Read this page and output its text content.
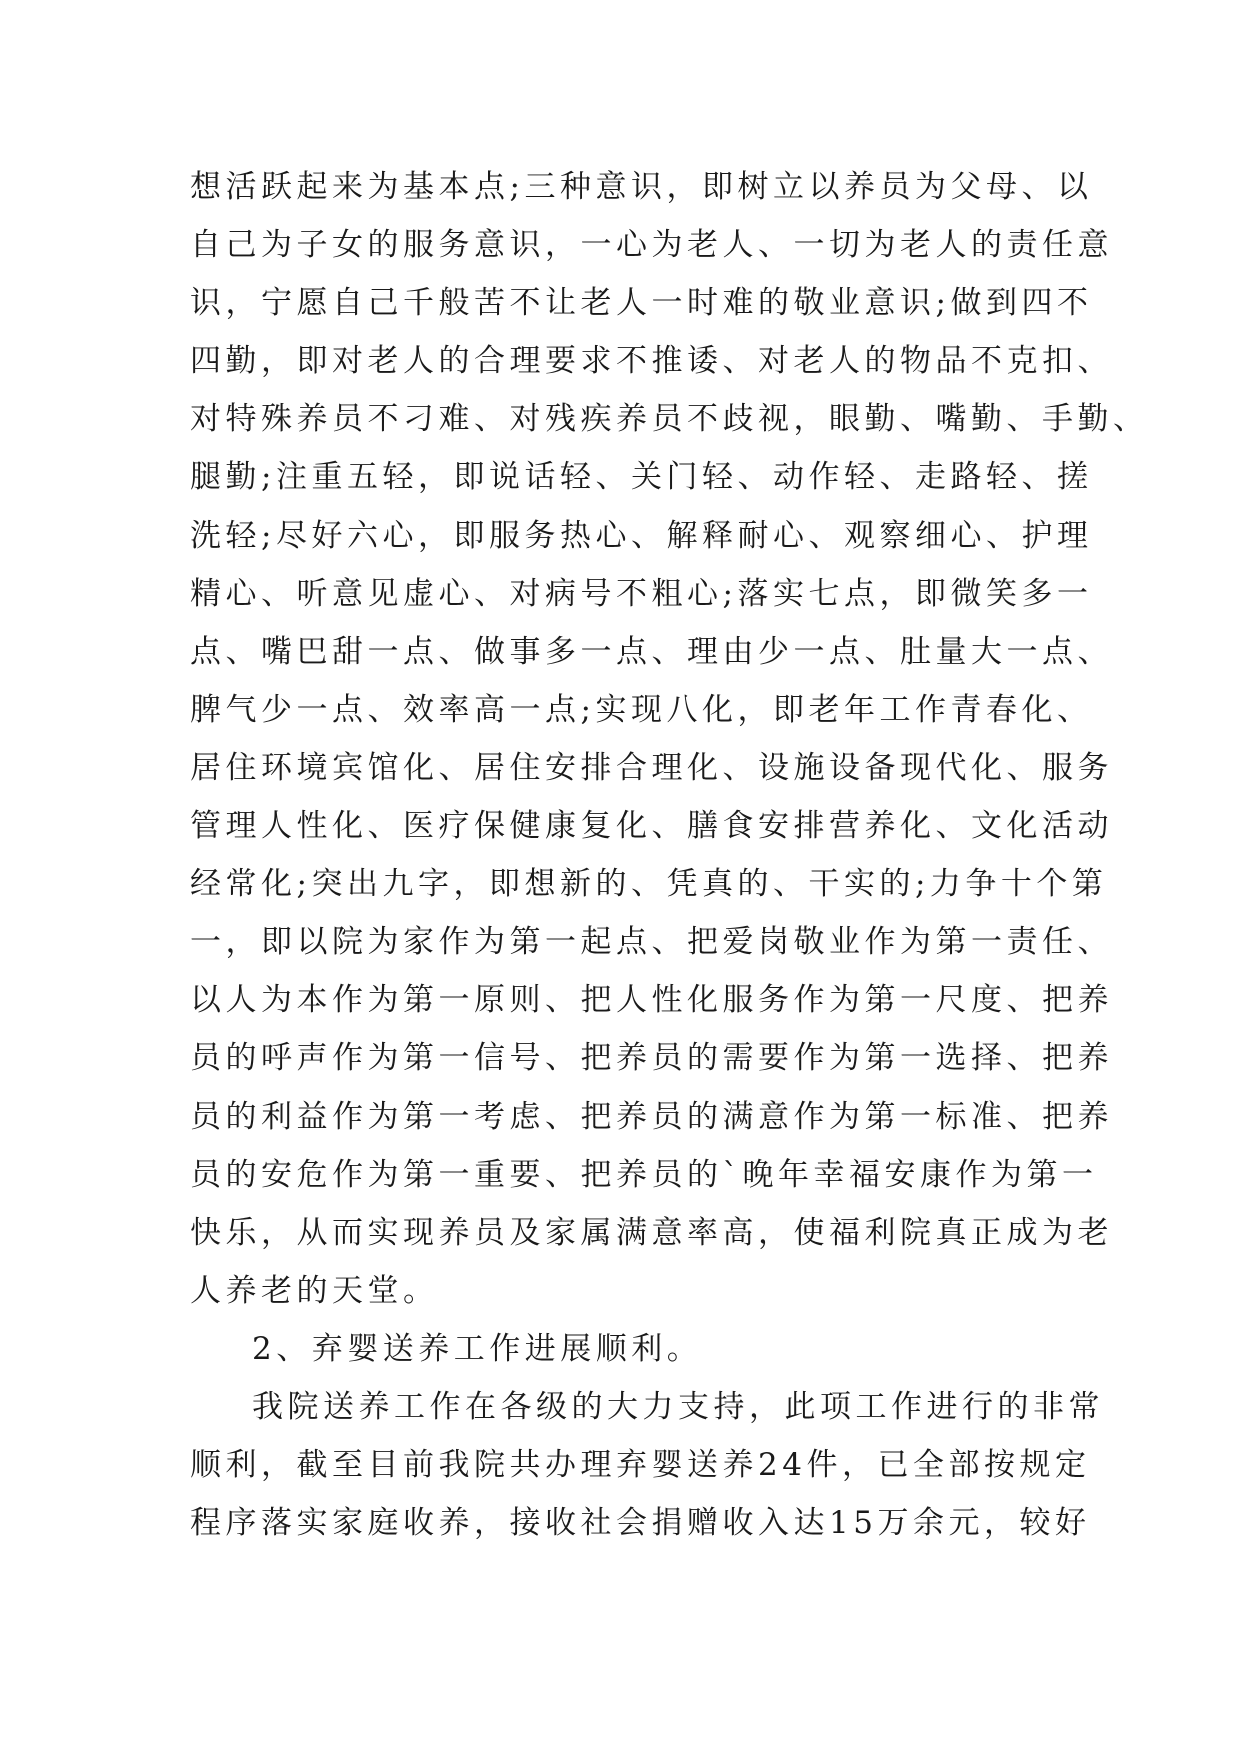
想活跃起来为基本点;三种意识，即树立以养员为父母、以
自己为子女的服务意识，一心为老人、一切为老人的责任意
识，宁愿自己千般苦不让老人一时难的敬业意识;做到四不
四勤，即对老人的合理要求不推诿、对老人的物品不克扣、
对特殊养员不刁难、对残疾养员不歧视，眼勤、嘴勤、手勤、
腿勤;注重五轻，即说话轻、关门轻、动作轻、走路轻、搓
洗轻;尽好六心，即服务热心、解释耐心、观察细心、护理
精心、听意见虚心、对病号不粗心;落实七点，即微笑多一
点、嘴巴甜一点、做事多一点、理由少一点、肚量大一点、
脾气少一点、效率高一点;实现八化，即老年工作青春化、
居住环境宾馆化、居住安排合理化、设施设备现代化、服务
管理人性化、医疗保健康复化、膳食安排营养化、文化活动
经常化;突出九字，即想新的、凭真的、干实的;力争十个第
一，即以院为家作为第一起点、把爱岗敬业作为第一责任、
以人为本作为第一原则、把人性化服务作为第一尺度、把养
员的呼声作为第一信号、把养员的需要作为第一选择、把养
员的利益作为第一考虑、把养员的满意作为第一标准、把养
员的安危作为第一重要、把养员的`晚年幸福安康作为第一
快乐，从而实现养员及家属满意率高，使福利院真正成为老
人养老的天堂。
2、弃婴送养工作进展顺利。
我院送养工作在各级的大力支持，此项工作进行的非常
顺利，截至目前我院共办理弃婴送养24件，已全部按规定
程序落实家庭收养，接收社会捐赠收入达15万余元，较好
